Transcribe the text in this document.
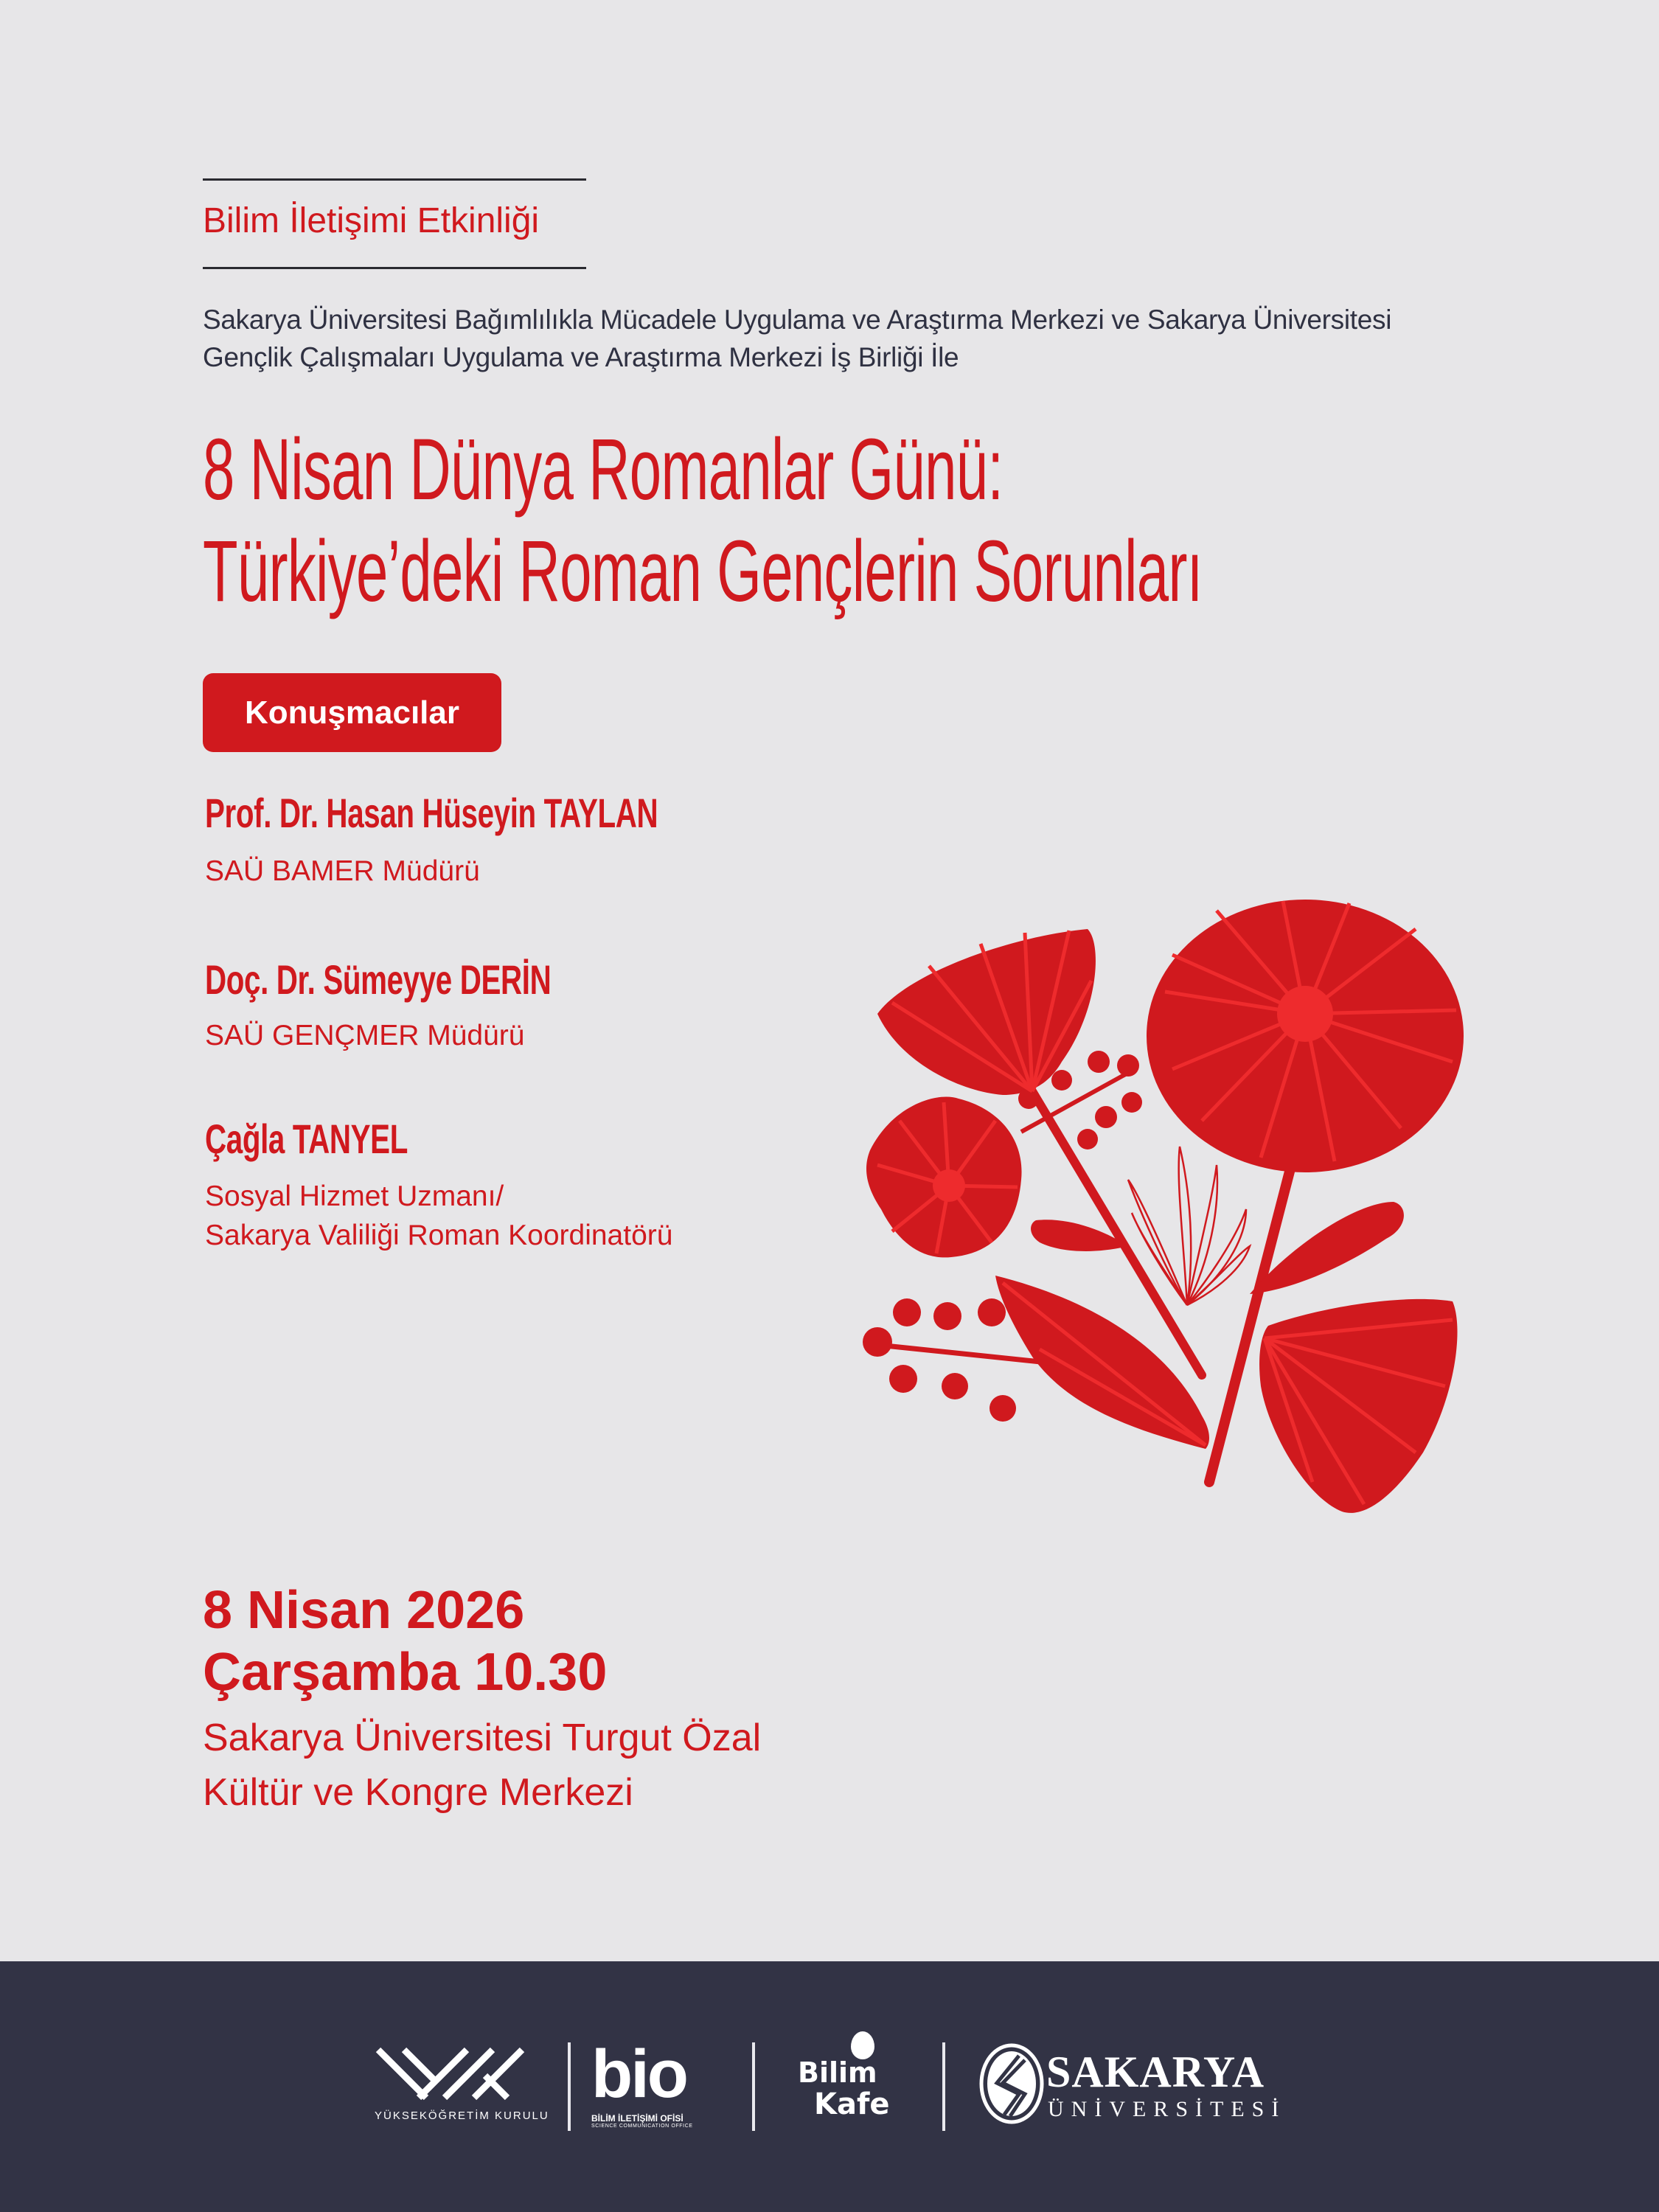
Bilim İletişimi Etkinliği
Sakarya Üniversitesi Bağımlılıkla Mücadele Uygulama ve Araştırma Merkezi ve Sakarya Üniversitesi
Gençlik Çalışmaları Uygulama ve Araştırma Merkezi İş Birliği İle
8 Nisan Dünya Romanlar Günü:
Türkiye’deki Roman Gençlerin Sorunları
Konuşmacılar
Prof. Dr. Hasan Hüseyin TAYLAN
SAÜ BAMER Müdürü
Doç. Dr. Sümeyye DERİN
SAÜ GENÇMER Müdürü
Çağla TANYEL
Sosyal Hizmet Uzmanı/
Sakarya Valiliği Roman Koordinatörü
8 Nisan 2026
Çarşamba 10.30
Sakarya Üniversitesi Turgut Özal
Kültür ve Kongre Merkezi
YÜKSEKÖĞRETİM KURULU
bio
BİLİM İLETİŞİMİ OFİSİ
SCIENCE COMMUNICATION OFFICE
Bilim
Kafe
SAKARYA
ÜNİVERSİTESİ
